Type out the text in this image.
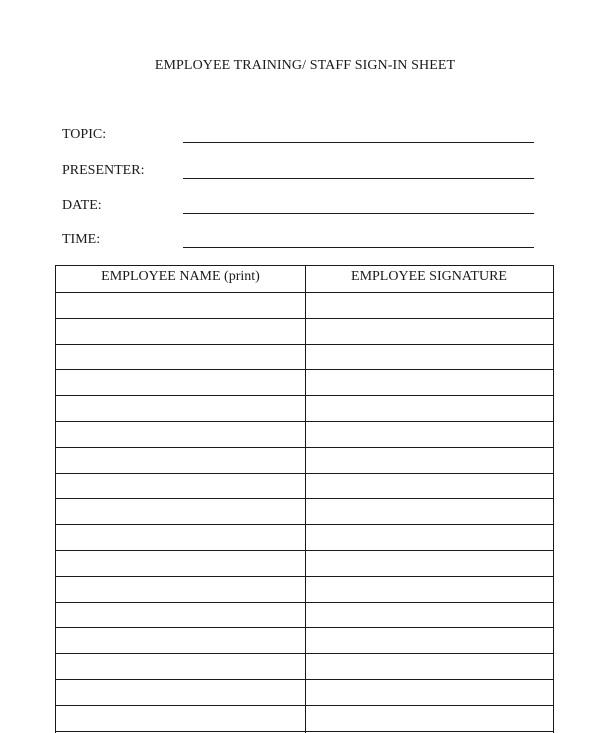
EMPLOYEE TRAINING/ STAFF SIGN-IN SHEET
TOPIC:
PRESENTER:
DATE:
TIME:
EMPLOYEE NAME (print)	EMPLOYEE SIGNATURE
